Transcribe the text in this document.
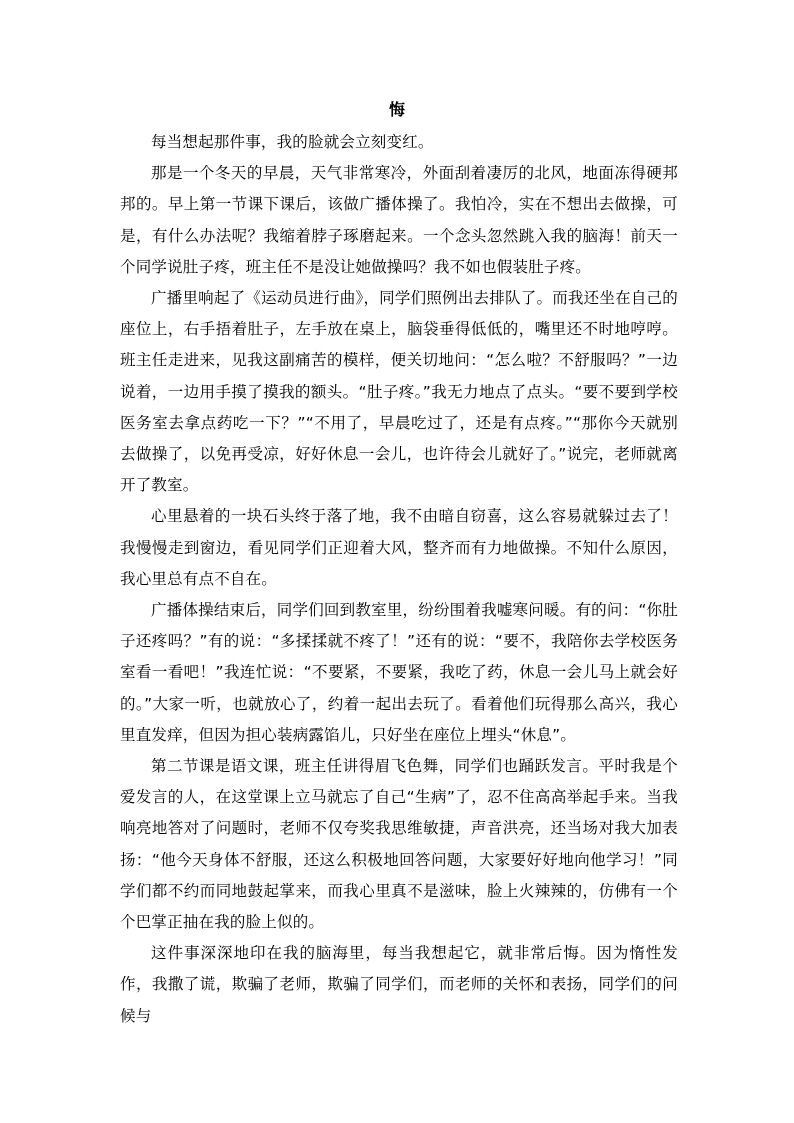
悔

每当想起那件事，我的脸就会立刻变红。

那是一个冬天的早晨，天气非常寒冷，外面刮着凄厉的北风，地面冻得硬邦邦的。早上第一节课下课后，该做广播体操了。我怕冷，实在不想出去做操，可是，有什么办法呢？我缩着脖子琢磨起来。一个念头忽然跳入我的脑海！前天一个同学说肚子疼，班主任不是没让她做操吗？我不如也假装肚子疼。

广播里响起了《运动员进行曲》，同学们照例出去排队了。而我还坐在自己的座位上，右手捂着肚子，左手放在桌上，脑袋垂得低低的，嘴里还不时地哼哼。班主任走进来，见我这副痛苦的模样，便关切地问：“怎么啦？不舒服吗？”一边说着，一边用手摸了摸我的额头。“肚子疼。”我无力地点了点头。“要不要到学校医务室去拿点药吃一下？”“不用了，早晨吃过了，还是有点疼。”“那你今天就别去做操了，以免再受凉，好好休息一会儿，也许待会儿就好了。”说完，老师就离开了教室。

心里悬着的一块石头终于落了地，我不由暗自窃喜，这么容易就躲过去了！我慢慢走到窗边，看见同学们正迎着大风，整齐而有力地做操。不知什么原因，我心里总有点不自在。

广播体操结束后，同学们回到教室里，纷纷围着我嘘寒问暖。有的问：“你肚子还疼吗？”有的说：“多揉揉就不疼了！”还有的说：“要不，我陪你去学校医务室看一看吧！”我连忙说：“不要紧，不要紧，我吃了药，休息一会儿马上就会好的。”大家一听，也就放心了，约着一起出去玩了。看着他们玩得那么高兴，我心里直发痒，但因为担心装病露馅儿，只好坐在座位上埋头“休息”。

第二节课是语文课，班主任讲得眉飞色舞，同学们也踊跃发言。平时我是个爱发言的人，在这堂课上立马就忘了自己“生病”了，忍不住高高举起手来。当我响亮地答对了问题时，老师不仅夸奖我思维敏捷，声音洪亮，还当场对我大加表扬：“他今天身体不舒服，还这么积极地回答问题，大家要好好地向他学习！”同学们都不约而同地鼓起掌来，而我心里真不是滋味，脸上火辣辣的，仿佛有一个个巴掌正抽在我的脸上似的。

这件事深深地印在我的脑海里，每当我想起它，就非常后悔。因为惰性发作，我撒了谎，欺骗了老师，欺骗了同学们，而老师的关怀和表扬，同学们的问候与
